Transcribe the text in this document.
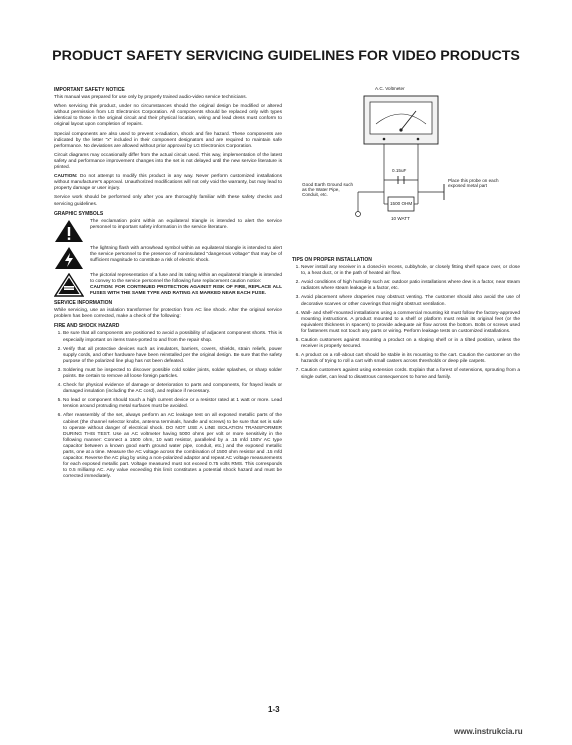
PRODUCT SAFETY SERVICING GUIDELINES FOR VIDEO PRODUCTS
IMPORTANT SAFETY NOTICE

This manual was prepared for use only by properly trained audio-video service technicians.

When servicing this product, under no circumstances should the original design be modified or altered without permission from LG Electronics Corporation. All components should be replaced only with types identical to those in the original circuit and their physical location, wiring and lead dress must conform to original layout upon completion of repairs.

Special components are also used to prevent x-radiation, shock and fire hazard. These components are indicated by the letter "x" included in their component designators and are required to maintain safe performance. No deviations are allowed without prior approval by LG Electronics Corporation.

Circuit diagrams may occasionally differ from the actual circuit used. This way, implementation of the latest safety and performance improvement changes into the set is not delayed until the new service literature is printed.

CAUTION: Do not attempt to modify this product in any way. Never perform customized installations without manufacturer's approval. Unauthorized modifications will not only void the warranty, but may lead to property damage or user injury.

Service work should be performed only after you are thoroughly familiar with these safety checks and servicing guidelines.

GRAPHIC SYMBOLS
The exclamation point within an equilateral triangle is intended to alert the service personnel to important safety information in the service literature.
The lightning flash with arrowhead symbol within an equilateral triangle is intended to alert the service personnel to the presence of noninsulated "dangerous voltage" that may be of sufficient magnitude to constitute a risk of electric shock.
The pictorial representation of a fuse and its rating within an equilateral triangle is intended to convey to the service personnel the following fuse replacement caution notice:
CAUTION: FOR CONTINUED PROTECTION AGAINST RISK OF FIRE, REPLACE ALL FUSES WITH THE SAME TYPE AND RATING AS MARKED NEAR EACH FUSE.
SERVICE INFORMATION

While servicing, use an isolation transformer for protection from AC line shock. After the original service problem has been corrected, make a check of the following:

FIRE AND SHOCK HAZARD
1. Be sure that all components are positioned to avoid a possibility of adjacent component shorts. This is especially important on items trans-ported to and from the repair shop.
2. Verify that all protective devices such as insulators, barriers, covers, shields, strain reliefs, power supply cords, and other hardware have been reinstalled per the original design. Be sure that the safety purpose of the polarized line plug has not been defeated.
3. Soldering must be inspected to discover possible cold solder joints, solder splashes, or sharp solder points. Be certain to remove all loose foreign particles.
4. Check for physical evidence of damage or deterioration to parts and components, for frayed leads or damaged insulation (including the AC cord), and replace if necessary.
5. No lead or component should touch a high current device or a resistor rated at 1 watt or more. Lead tension around protruding metal surfaces must be avoided.
6. After reassembly of the set, always perform an AC leakage test on all exposed metallic parts of the cabinet (the channel selector knobs, antenna terminals, handle and screws) to be sure that set is safe to operate without danger of electrical shock. DO NOT USE A LINE ISOLATION TRANSFORMER DURING THIS TEST. Use an AC voltmeter having 5000 ohms per volt or more sensitivity in the following manner: Connect a 1500 ohm, 10 watt resistor, paralleled by a .15 mfd 150V AC type capacitor between a known good earth ground water pipe, conduit, etc.) and the exposed metallic parts, one at a time. Measure the AC voltage across the combination of 1500 ohm resistor and .15 mfd capacitor. Reverse the AC plug by using a non-polarized adaptor and repeat AC voltage measurements for each exposed metallic part. Voltage measured must not exceed 0.75 volts RMS. This corresponds to 0.5 milliamp AC. Any value exceeding this limit constitutes a potential shock hazard and must be corrected immediately.
A.C. Voltmeter
Good Earth Ground such as the Water Pipe, Conduit, etc.
0.15uF
1500 OHM
10 WATT
Place this probe on each exposed metal part
TIPS ON PROPER INSTALLATION
1. Never install any receiver in a closed-in recess, cubbyhole, or closely fitting shelf space over, or close to, a heat duct, or in the path of heated air flow.
2. Avoid conditions of high humidity such as: outdoor patio installations where dew is a factor, near steam radiators where steam leakage is a factor, etc.
3. Avoid placement where draperies may obstruct venting. The customer should also avoid the use of decorative scarves or other coverings that might obstruct ventilation.
4. Wall- and shelf-mounted installations using a commercial mounting kit must follow the factory-approved mounting instructions. A product mounted to a shelf or platform must retain its original feet (or the equivalent thickness in spacers) to provide adequate air flow across the bottom. Bolts or screws used for fasteners must not touch any parts or wiring. Perform leakage tests on customized installations.
5. Caution customers against mounting a product on a sloping shelf or in a tilted position, unless the receiver is properly secured.
6. A product on a roll-about cart should be stable in its mounting to the cart. Caution the customer on the hazards of trying to roll a cart with small casters across thresholds or deep pile carpets.
7. Caution customers against using extension cords. Explain that a forest of extensions, sprouting from a single outlet, can lead to disastrous consequences to home and family.
1-3
www.instrukcia.ru
